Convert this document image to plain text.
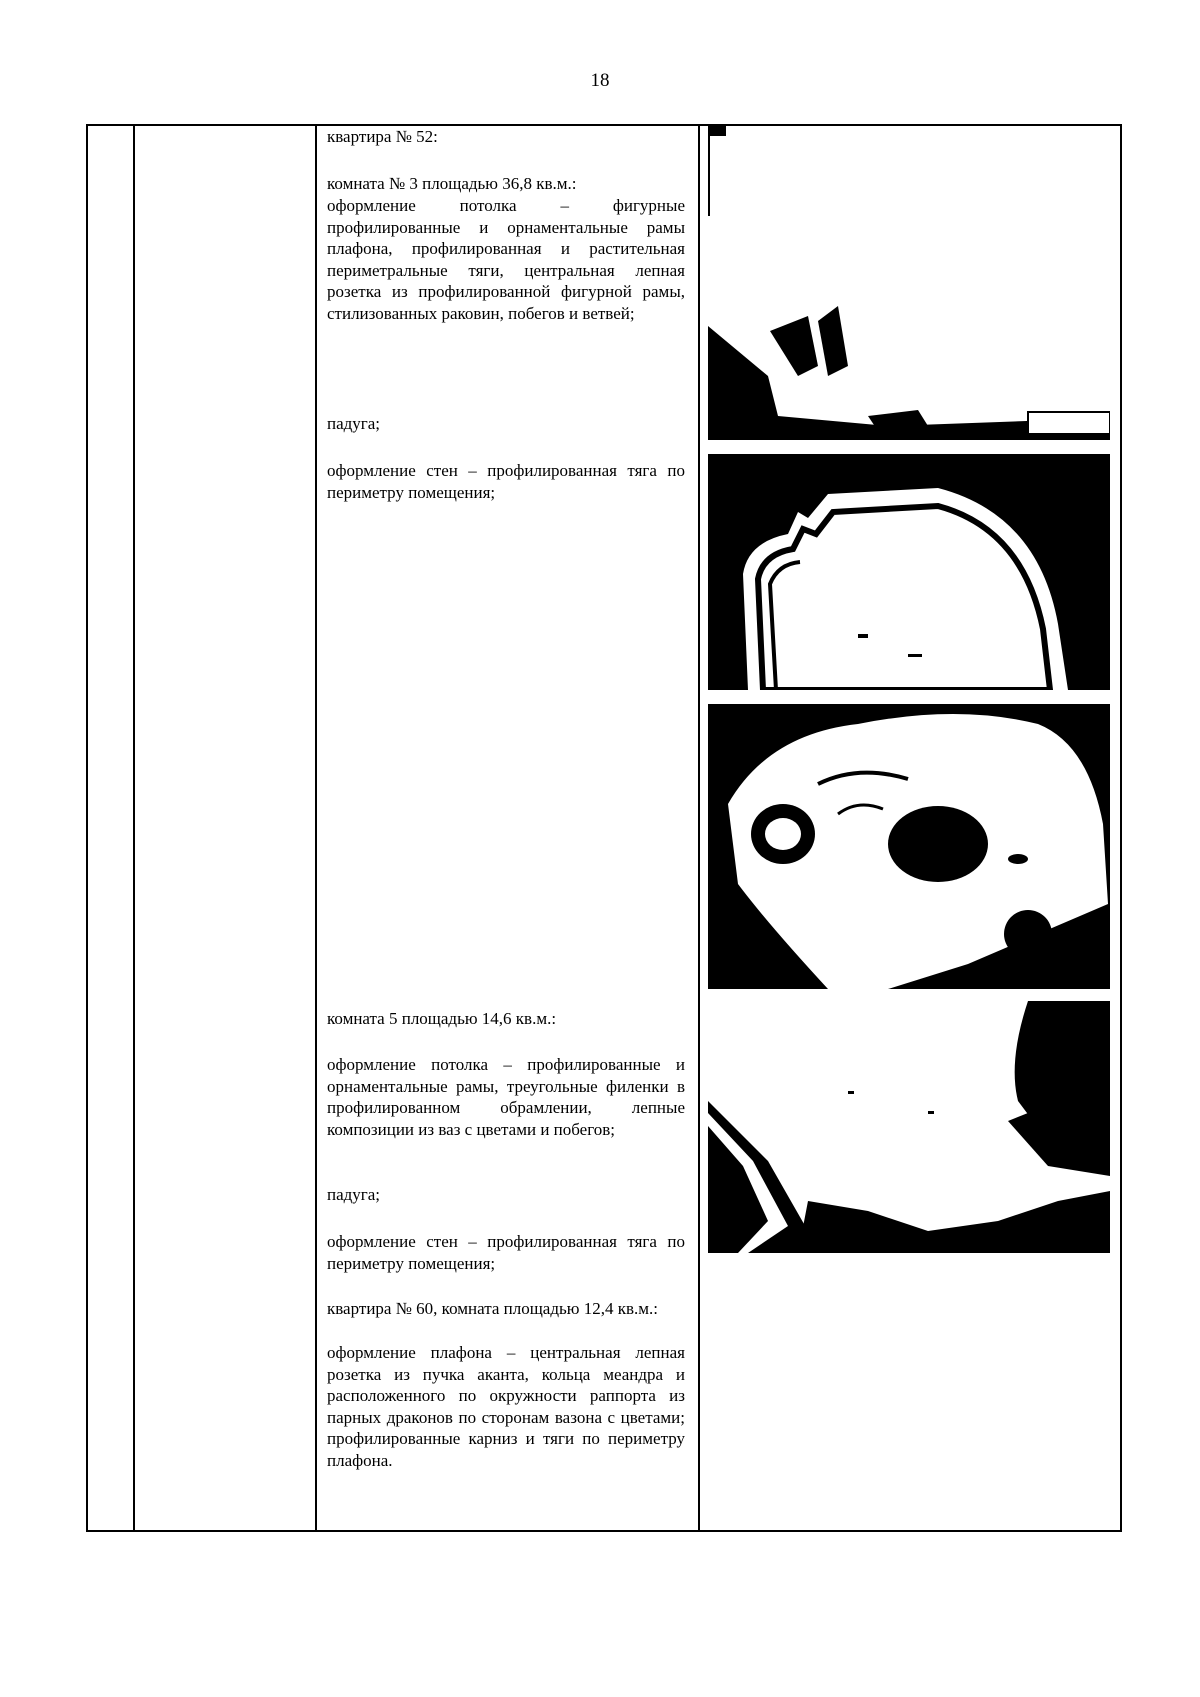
18
квартира № 52:
комната № 3 площадью 36,8 кв.м.:
оформление потолка – фигурные профилированные и орнаментальные рамы плафона, профилированная и растительная периметральные тяги, центральная лепная розетка из профилированной фигурной рамы, стилизованных раковин, побегов и ветвей;
падуга;
оформление стен – профилированная тяга по периметру помещения;
комната 5 площадью 14,6 кв.м.:
оформление потолка – профилированные и орнаментальные рамы, треугольные филенки в профилированном обрамлении, лепные композиции из ваз с цветами и побегов;
падуга;
оформление стен – профилированная тяга по периметру помещения;
квартира № 60, комната площадью 12,4 кв.м.:
оформление плафона – центральная лепная розетка из пучка аканта, кольца меандра и расположенного по окружности раппорта из парных драконов по сторонам вазона с цветами; профилированные карниз и тяги по периметру плафона.
